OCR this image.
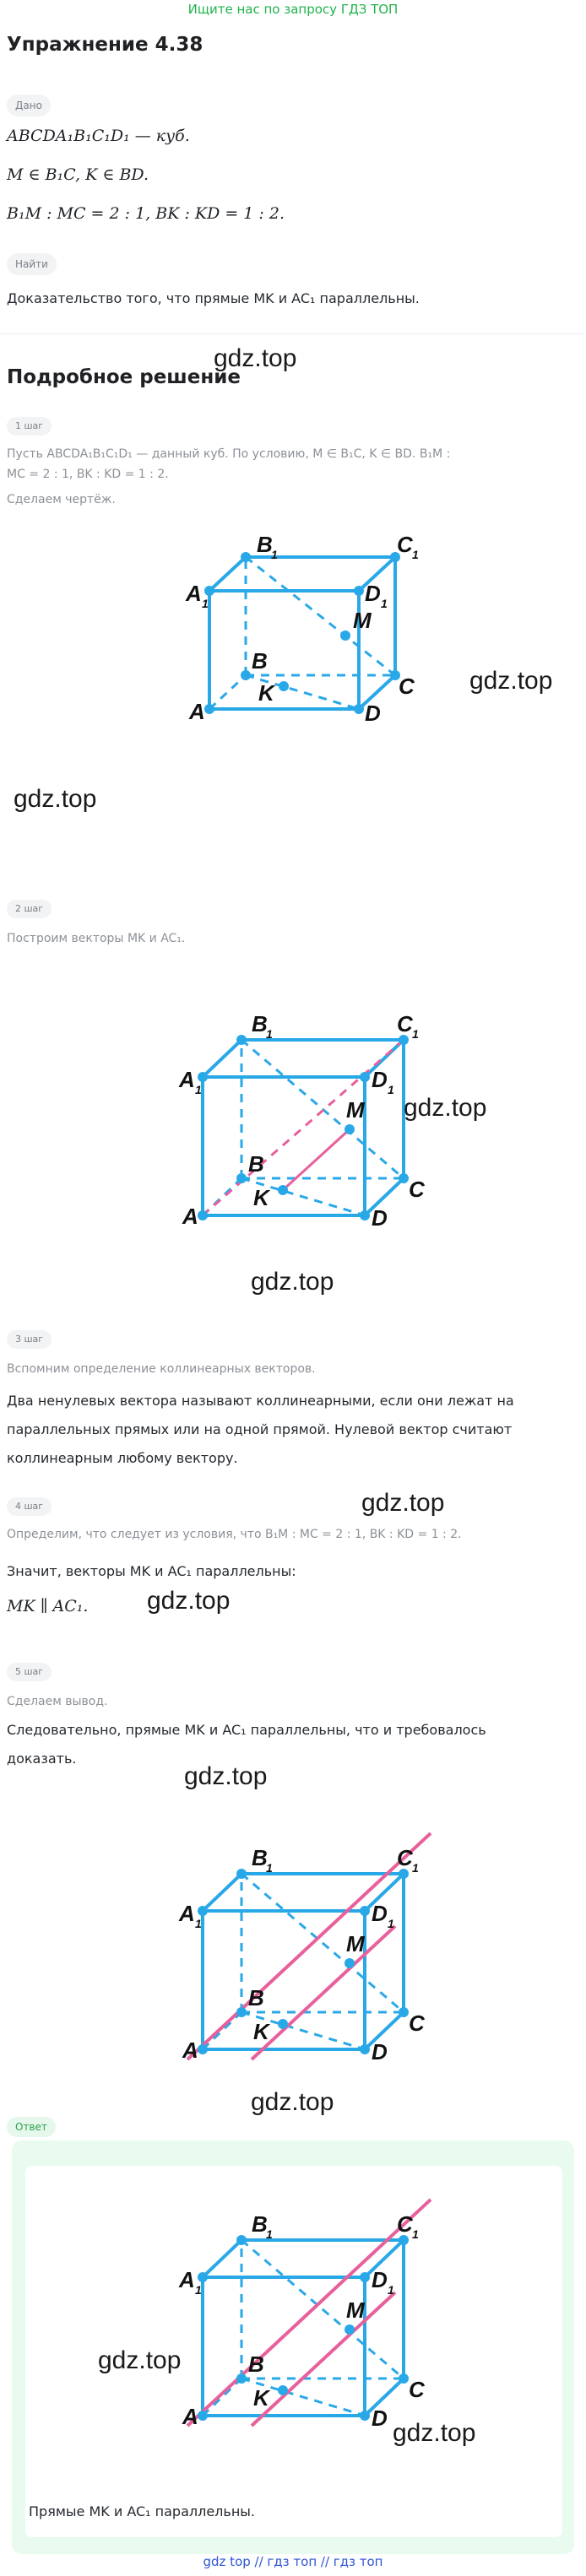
Ищите нас по запросу ГДЗ ТОП
Упражнение 4.38
Дано
ABCDA₁B₁C₁D₁ — куб.
M ∈ B₁C, K ∈ BD.
B₁M : MC = 2 : 1, BK : KD = 1 : 2.
Найти
Доказательство того, что прямые MK и AC₁ параллельны.
gdz.top
Подробное решение
1 шаг
Пусть ABCDA₁B₁C₁D₁ — данный куб. По условию, M ∈ B₁C, K ∈ BD. B₁M :
MC = 2 : 1, BK : KD = 1 : 2.
Сделаем чертёж.
A	D
C
B
A 1	D 1
B
1	C 1
M
K	gdz.top
gdz.top
2 шаг
Построим векторы MK и AC₁.
A	D
C
B
A 1	D 1
B
1	C 1
M
K
gdz.top
gdz.top
3 шаг
Вспомним определение коллинеарных векторов.
Два ненулевых вектора называют коллинеарными, если они лежат на
параллельных прямых или на одной прямой. Нулевой вектор считают
коллинеарным любому вектору.
gdz.top
4 шаг
Определим, что следует из условия, что B₁M : MC = 2 : 1, BK : KD = 1 : 2.
Значит, векторы MK и AC₁ параллельны:
MK ∥ AC₁. gdz.top
5 шаг
Сделаем вывод.
Следовательно, прямые MK и AC₁ параллельны, что и требовалось
доказать.
gdz.top
A	D
C
B
A 1	D 1
B
1	C 1
M
K
gdz.top
Ответ
A	D
C
B
A 1	D 1
B
1	C 1
M
K
gdz.top
gdz.top
Прямые MK и AC₁ параллельны.
gdz top // гдз топ // гдз топ
